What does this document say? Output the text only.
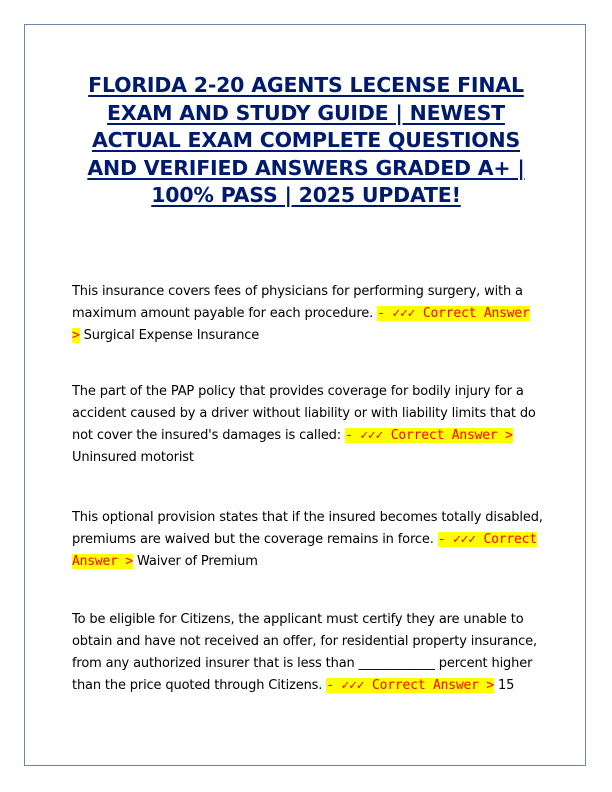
FLORIDA 2-20 AGENTS LECENSE FINAL EXAM AND STUDY GUIDE | NEWEST ACTUAL EXAM COMPLETE QUESTIONS AND VERIFIED ANSWERS GRADED A+ | 100% PASS | 2025 UPDATE!

This insurance covers fees of physicians for performing surgery, with a maximum amount payable for each procedure. - ✓✓✓ Correct Answer > Surgical Expense Insurance

The part of the PAP policy that provides coverage for bodily injury for a accident caused by a driver without liability or with liability limits that do not cover the insured's damages is called: - ✓✓✓ Correct Answer > Uninsured motorist

This optional provision states that if the insured becomes totally disabled, premiums are waived but the coverage remains in force. - ✓✓✓ Correct Answer > Waiver of Premium

To be eligible for Citizens, the applicant must certify they are unable to obtain and have not received an offer, for residential property insurance, from any authorized insurer that is less than ____________ percent higher than the price quoted through Citizens. - ✓✓✓ Correct Answer > 15
